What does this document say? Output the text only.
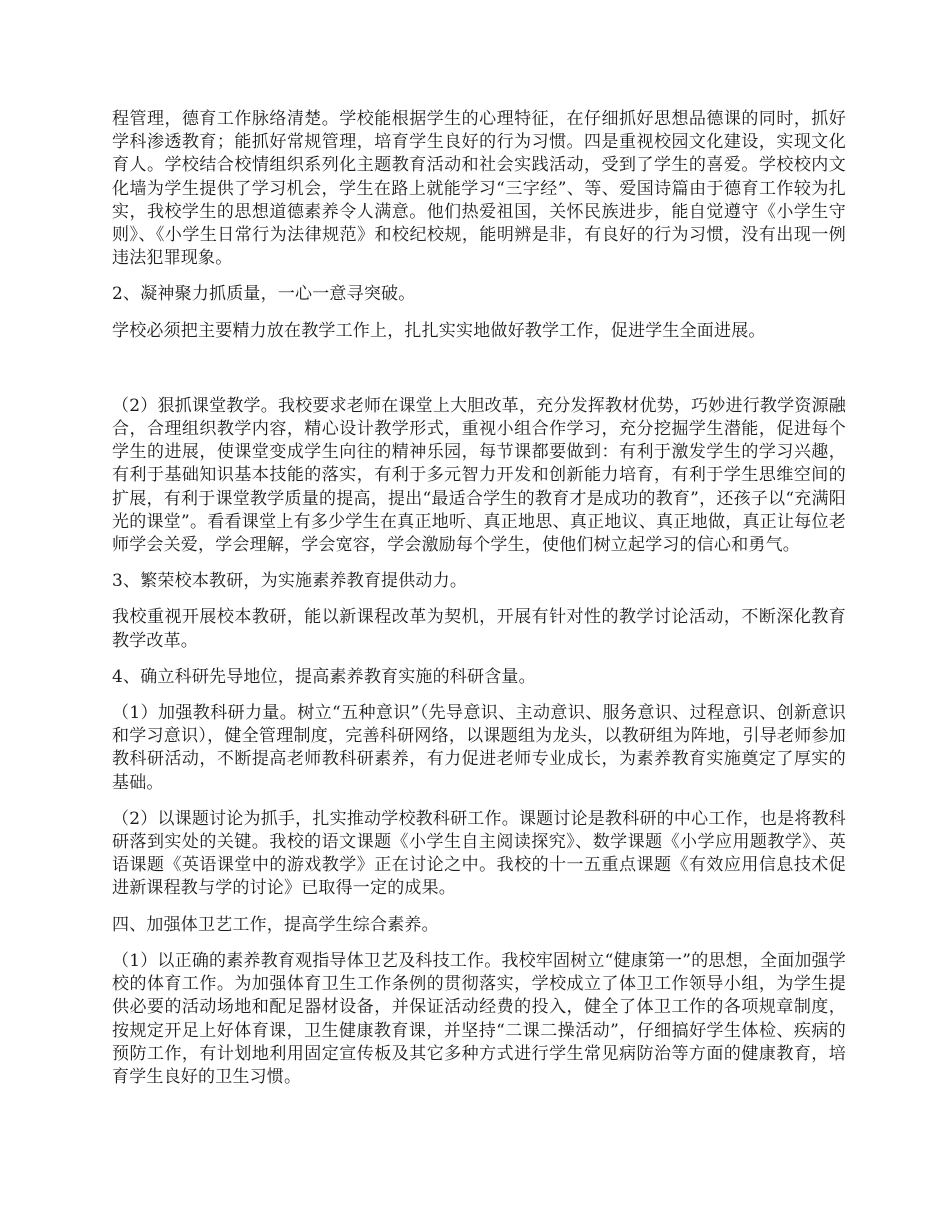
程管理，德育工作脉络清楚。学校能根据学生的心理特征，在仔细抓好思想品德课的同时，抓好学科渗透教育；能抓好常规管理，培育学生良好的行为习惯。四是重视校园文化建设，实现文化育人。学校结合校情组织系列化主题教育活动和社会实践活动，受到了学生的喜爱。学校校内文化墙为学生提供了学习机会，学生在路上就能学习“三字经”、等、爱国诗篇由于德育工作较为扎实，我校学生的思想道德素养令人满意。他们热爱祖国，关怀民族进步，能自觉遵守《小学生守则》、《小学生日常行为法律规范》和校纪校规，能明辨是非，有良好的行为习惯，没有出现一例违法犯罪现象。

2、凝神聚力抓质量，一心一意寻突破。

学校必须把主要精力放在教学工作上，扎扎实实地做好教学工作，促进学生全面进展。

（2）狠抓课堂教学。我校要求老师在课堂上大胆改革，充分发挥教材优势，巧妙进行教学资源融合，合理组织教学内容，精心设计教学形式，重视小组合作学习，充分挖掘学生潜能，促进每个学生的进展，使课堂变成学生向往的精神乐园，每节课都要做到：有利于激发学生的学习兴趣，有利于基础知识基本技能的落实，有利于多元智力开发和创新能力培育，有利于学生思维空间的扩展，有利于课堂教学质量的提高，提出“最适合学生的教育才是成功的教育”，还孩子以“充满阳光的课堂”。看看课堂上有多少学生在真正地听、真正地思、真正地议、真正地做，真正让每位老师学会关爱，学会理解，学会宽容，学会激励每个学生，使他们树立起学习的信心和勇气。

3、繁荣校本教研，为实施素养教育提供动力。

我校重视开展校本教研，能以新课程改革为契机，开展有针对性的教学讨论活动，不断深化教育教学改革。

4、确立科研先导地位，提高素养教育实施的科研含量。

（1）加强教科研力量。树立“五种意识”（先导意识、主动意识、服务意识、过程意识、创新意识和学习意识），健全管理制度，完善科研网络，以课题组为龙头，以教研组为阵地，引导老师参加教科研活动，不断提高老师教科研素养，有力促进老师专业成长，为素养教育实施奠定了厚实的基础。

（2）以课题讨论为抓手，扎实推动学校教科研工作。课题讨论是教科研的中心工作，也是将教科研落到实处的关键。我校的语文课题《小学生自主阅读探究》、数学课题《小学应用题教学》、英语课题《英语课堂中的游戏教学》正在讨论之中。我校的十一五重点课题《有效应用信息技术促进新课程教与学的讨论》已取得一定的成果。

四、加强体卫艺工作，提高学生综合素养。

（1）以正确的素养教育观指导体卫艺及科技工作。我校牢固树立“健康第一”的思想，全面加强学校的体育工作。为加强体育卫生工作条例的贯彻落实，学校成立了体卫工作领导小组，为学生提供必要的活动场地和配足器材设备，并保证活动经费的投入，健全了体卫工作的各项规章制度，按规定开足上好体育课，卫生健康教育课，并坚持“二课二操活动”，仔细搞好学生体检、疾病的预防工作，有计划地利用固定宣传板及其它多种方式进行学生常见病防治等方面的健康教育，培育学生良好的卫生习惯。
